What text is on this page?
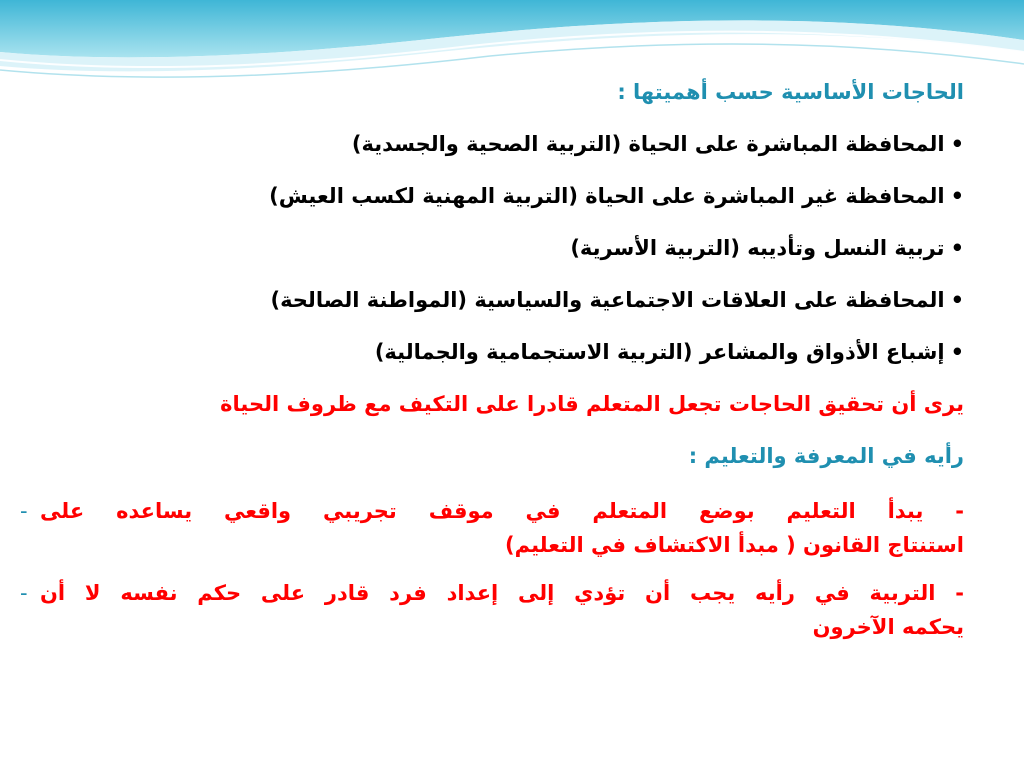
الحاجات الأساسية حسب أهميتها :
•المحافظة المباشرة على الحياة (التربية الصحية والجسدية)
•المحافظة غير المباشرة على الحياة (التربية المهنية لكسب العيش)
•تربية النسل وتأديبه (التربية الأسرية)
•المحافظة على العلاقات الاجتماعية والسياسية (المواطنة الصالحة)
•إشباع الأذواق والمشاعر (التربية الاستجمامية والجمالية)
يرى أن تحقيق الحاجات تجعل المتعلم قادرا على التكيف مع ظروف الحياة
رأيه في المعرفة والتعليم :
- - يبدأ التعليم بوضع المتعلم في موقف تجريبي واقعي يساعده على
استنتاج القانون ( مبدأ الاكتشاف في التعليم)
- - التربية في رأيه يجب أن تؤدي إلى إعداد فرد قادر على حكم نفسه لا أن
يحكمه الآخرون
